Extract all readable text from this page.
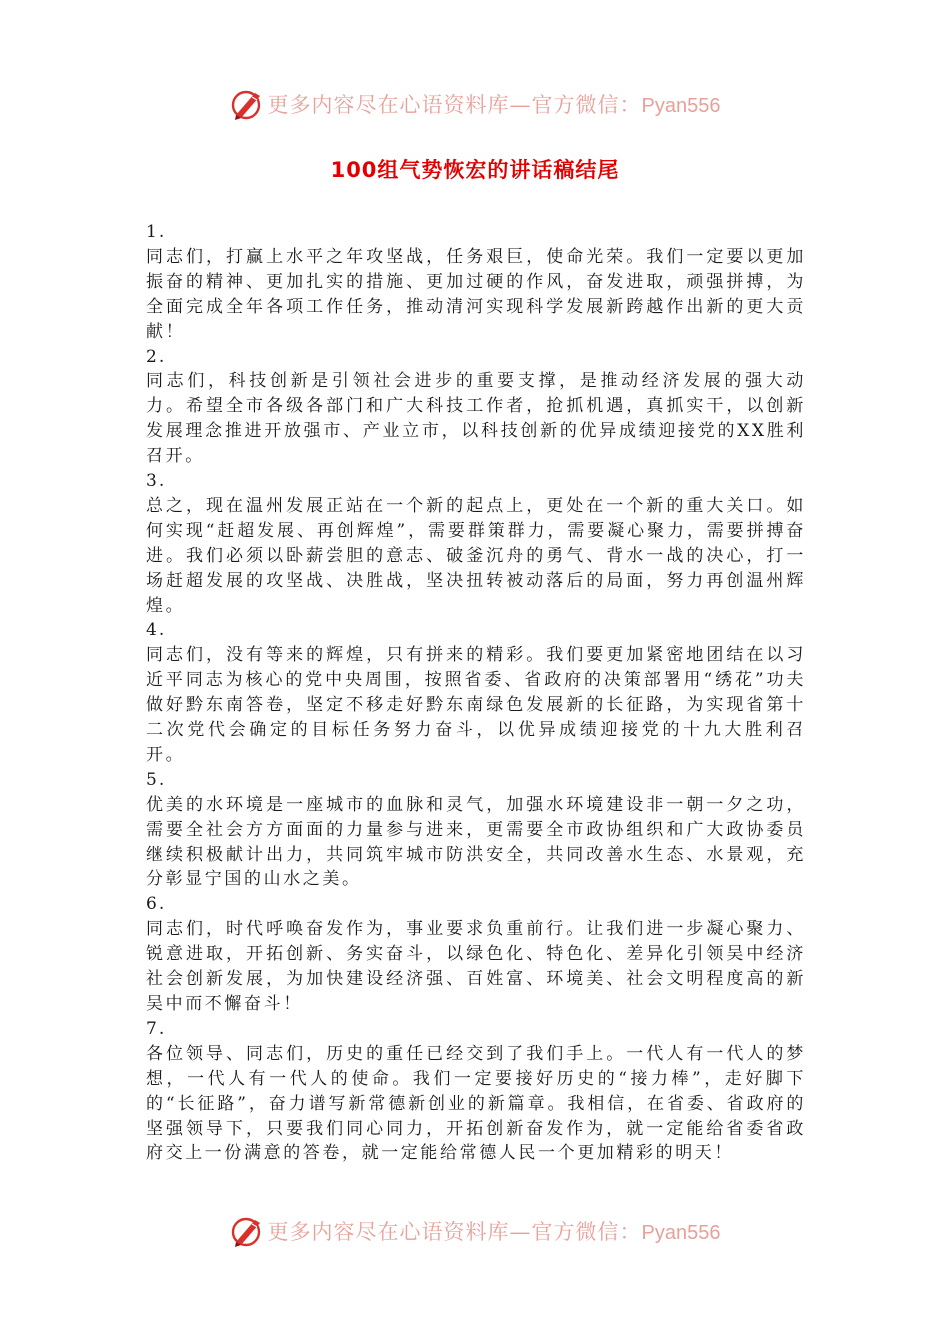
更多内容尽在心语资料库—官方微信：Pyan556
100组气势恢宏的讲话稿结尾
1.
同志们，打赢上水平之年攻坚战，任务艰巨，使命光荣。我们一定要以更加振奋的精神、更加扎实的措施、更加过硬的作风，奋发进取，顽强拼搏，为全面完成全年各项工作任务，推动清河实现科学发展新跨越作出新的更大贡献！
2.
同志们，科技创新是引领社会进步的重要支撑，是推动经济发展的强大动力。希望全市各级各部门和广大科技工作者，抢抓机遇，真抓实干，以创新发展理念推进开放强市、产业立市，以科技创新的优异成绩迎接党的XX胜利召开。
3.
总之，现在温州发展正站在一个新的起点上，更处在一个新的重大关口。如何实现“赶超发展、再创辉煌”，需要群策群力，需要凝心聚力，需要拼搏奋进。我们必须以卧薪尝胆的意志、破釜沉舟的勇气、背水一战的决心，打一场赶超发展的攻坚战、决胜战，坚决扭转被动落后的局面，努力再创温州辉煌。
4.
同志们，没有等来的辉煌，只有拼来的精彩。我们要更加紧密地团结在以习近平同志为核心的党中央周围，按照省委、省政府的决策部署用“绣花”功夫做好黔东南答卷，坚定不移走好黔东南绿色发展新的长征路，为实现省第十二次党代会确定的目标任务努力奋斗，以优异成绩迎接党的十九大胜利召开。
5.
优美的水环境是一座城市的血脉和灵气，加强水环境建设非一朝一夕之功，需要全社会方方面面的力量参与进来，更需要全市政协组织和广大政协委员继续积极献计出力，共同筑牢城市防洪安全，共同改善水生态、水景观，充分彰显宁国的山水之美。
6.
同志们，时代呼唤奋发作为，事业要求负重前行。让我们进一步凝心聚力、锐意进取，开拓创新、务实奋斗，以绿色化、特色化、差异化引领吴中经济社会创新发展，为加快建设经济强、百姓富、环境美、社会文明程度高的新吴中而不懈奋斗！
7.
各位领导、同志们，历史的重任已经交到了我们手上。一代人有一代人的梦想，一代人有一代人的使命。我们一定要接好历史的“接力棒”，走好脚下的“长征路”，奋力谱写新常德新创业的新篇章。我相信，在省委、省政府的坚强领导下，只要我们同心同力，开拓创新奋发作为，就一定能给省委省政府交上一份满意的答卷，就一定能给常德人民一个更加精彩的明天！
更多内容尽在心语资料库—官方微信：Pyan556
